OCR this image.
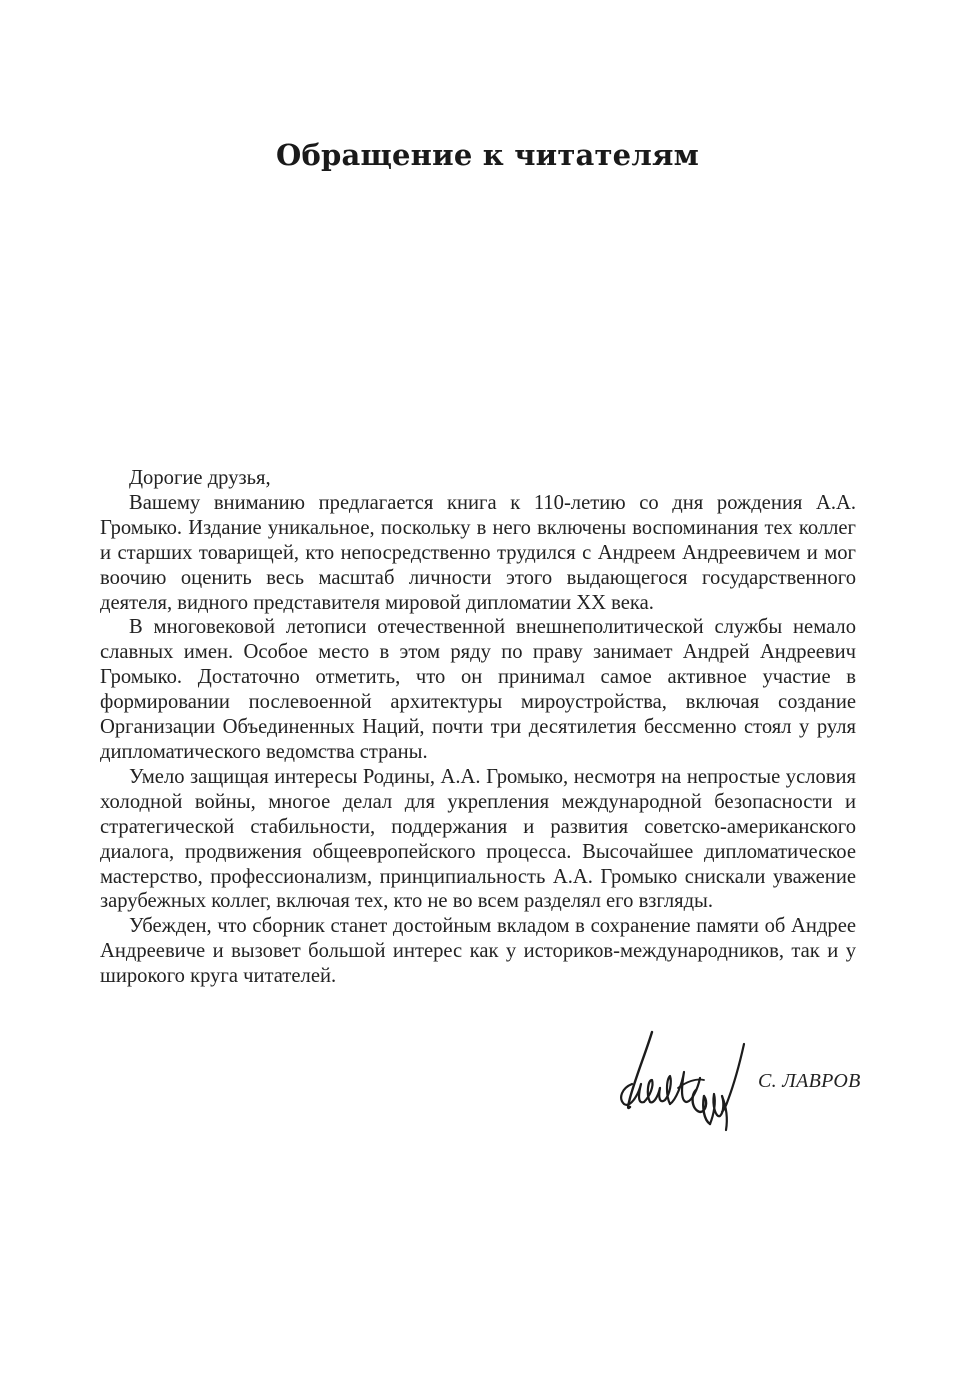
Обращение к читателям

Дорогие друзья,

Вашему вниманию предлагается книга к 110-летию со дня рождения А.А. Громыко. Издание уникальное, поскольку в него включены воспоминания тех коллег и старших товарищей, кто непосредственно трудился с Андреем Андреевичем и мог воочию оценить весь масштаб личности этого выдающегося государственного деятеля, видного представителя мировой дипломатии XX века.

В многовековой летописи отечественной внешнеполитической службы немало славных имен. Особое место в этом ряду по праву занимает Андрей Андреевич Громыко. Достаточно отметить, что он принимал самое активное участие в формировании послевоенной архитектуры мироустройства, включая создание Организации Объединенных Наций, почти три десятилетия бессменно стоял у руля дипломатического ведомства страны.

Умело защищая интересы Родины, А.А. Громыко, несмотря на непростые условия холодной войны, многое делал для укрепления международной безопасности и стратегической стабильности, поддержания и развития советско-американского диалога, продвижения общеевропейского процесса. Высочайшее дипломатическое мастерство, профессионализм, принципиальность А.А. Громыко снискали уважение зарубежных коллег, включая тех, кто не во всем разделял его взгляды.

Убежден, что сборник станет достойным вкладом в сохранение памяти об Андрее Андреевиче и вызовет большой интерес как у историков-международников, так и у широкого круга читателей.

С. ЛАВРОВ
